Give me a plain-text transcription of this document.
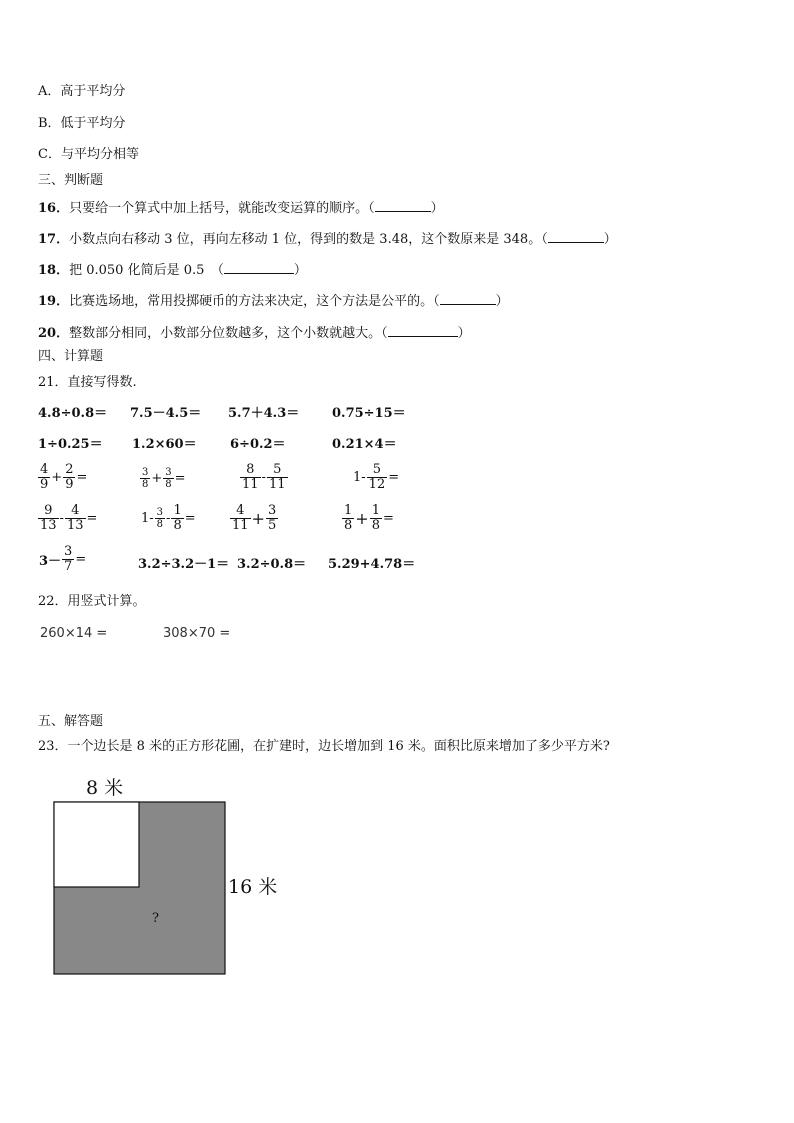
A．高于平均分
B．低于平均分
C．与平均分相等
三、判断题
16．只要给一个算式中加上括号，就能改变运算的顺序。（	）
17．小数点向右移动 3 位，再向左移动 1 位，得到的数是 3.48，这个数原来是 348。（	）
18．把 0.050 化简后是 0.5　（	）
19．比赛选场地，常用投掷硬币的方法来决定，这个方法是公平的。（	）
20．整数部分相同，小数部分位数越多，这个小数就越大。（	）
四、计算题
21．直接写得数.
4.8÷0.8＝ 7.5－4.5＝ 5.7＋4.3＝	0.75÷15＝
1÷0.25＝ 1.2×60＝	6÷0.2＝	0.21×4＝
$\frac{4}{9} + \frac{2}{9}$ =	$\frac{3}{8} + \frac{3}{8}$ =	$\frac{8}{11} - \frac{5}{11}$	$1- \frac{5}{12}$ =
$\frac{9}{13} - \frac{4}{13}$ =	$1- \frac{3}{8} - \frac{1}{8}$ =	$\frac{4}{11} + \frac{3}{5}$	$\frac{1}{8} + \frac{1}{8}$ =
$3- \frac{3}{7}$ =	3.2÷3.2－1＝ 3.2÷0.8＝ 5.29+4.78＝
22．用竖式计算。
260×14 =	308×70 =
五、解答题
23．一个边长是 8 米的正方形花圃，在扩建时，边长增加到 16 米。面积比原来增加了多少平方米?
8 米
16 米
?
